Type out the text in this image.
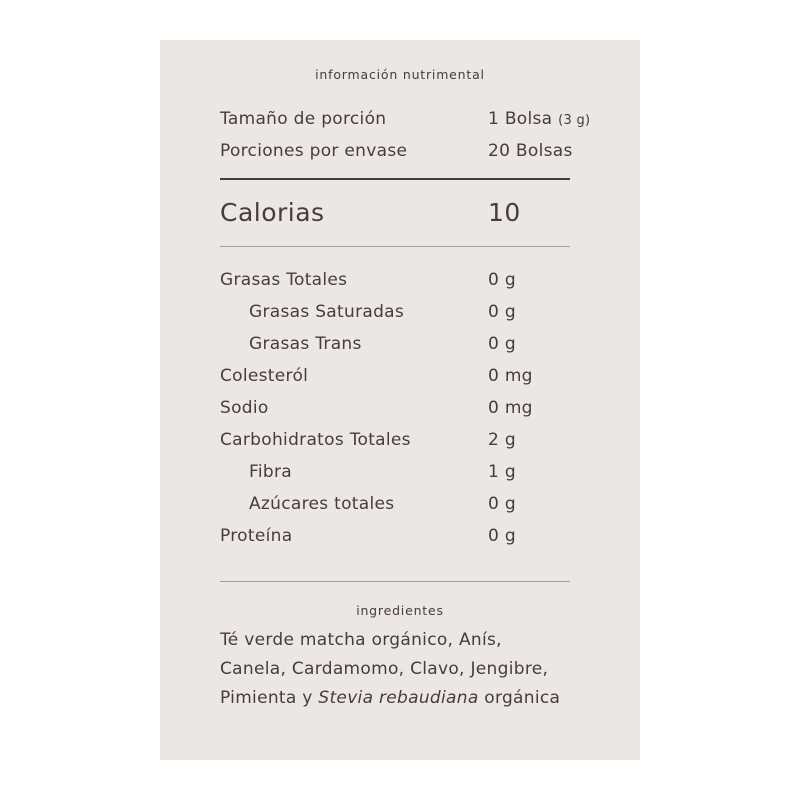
información nutrimental
Tamaño de porción	1 Bolsa (3 g)
Porciones por envase	20 Bolsas
Calorias	10
Grasas Totales	0 g
Grasas Saturadas	0 g
Grasas Trans	0 g
Colesteról	0 mg
Sodio	0 mg
Carbohidratos Totales	2 g
Fibra	1 g
Azúcares totales	0 g
Proteína	0 g
ingredientes
Té verde matcha orgánico, Anís,
Canela, Cardamomo, Clavo, Jengibre,
Pimienta y Stevia rebaudiana orgánica
